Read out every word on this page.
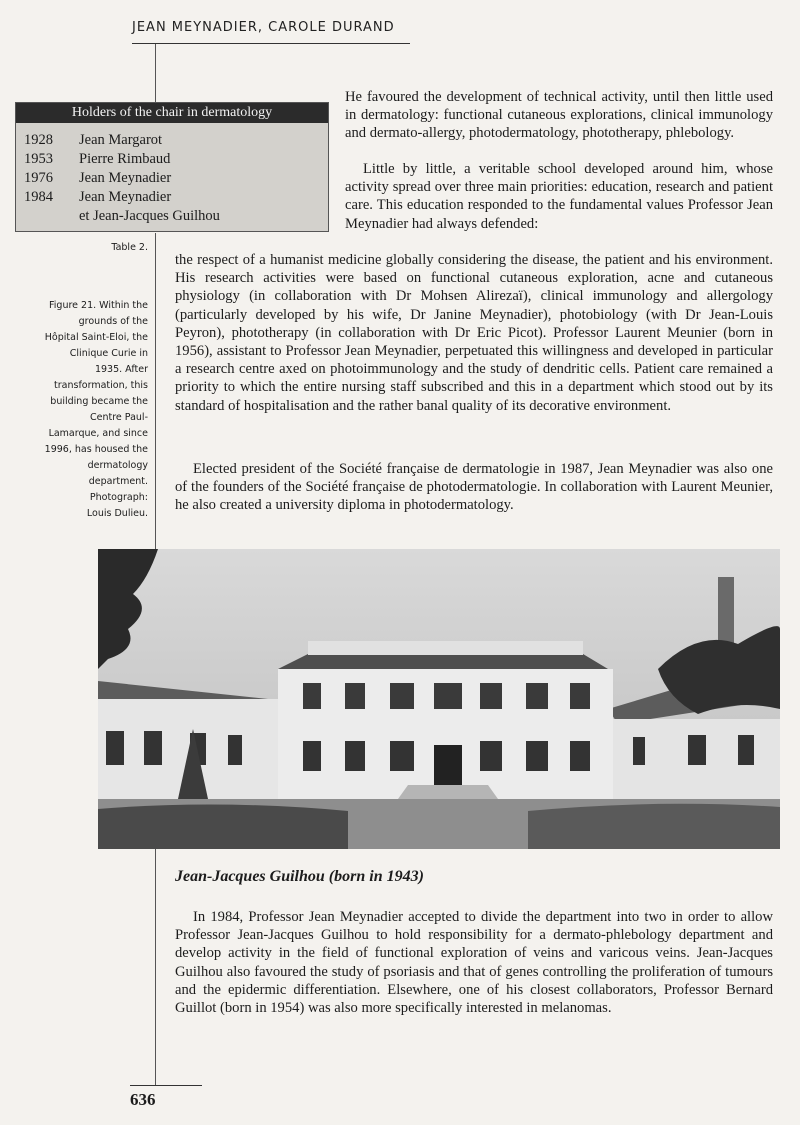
JEAN MEYNADIER, CAROLE DURAND
Holders of the chair in dermatology
1928	Jean Margarot
1953	Pierre Rimbaud
1976	Jean Meynadier
1984	Jean Meynadier
et Jean-Jacques Guilhou
Table 2.
Figure 21. Within the
grounds of the
Hôpital Saint-Eloi, the
Clinique Curie in
1935. After
transformation, this
building became the
Centre Paul-
Lamarque, and since
1996, has housed the
dermatology
department.
Photograph:
Louis Dulieu.

He favoured the development of technical activity, until then little used in dermatology: functional cutaneous explorations, clinical immunology and dermato-allergy, photodermatology, phototherapy, phlebology.

Little by little, a veritable school developed around him, whose activity spread over three main priorities: education, research and patient care. This education responded to the fundamental values Professor Jean Meynadier had always defended:

the respect of a humanist medicine globally considering the disease, the patient and his environment. His research activities were based on functional cutaneous exploration, acne and cutaneous physiology (in collaboration with Dr Mohsen Alirezaï), clinical immunology and allergology (particularly developed by his wife, Dr Janine Meynadier), photobiology (with Dr Jean-Louis Peyron), phototherapy (in collaboration with Dr Eric Picot). Professor Laurent Meunier (born in 1956), assistant to Professor Jean Meynadier, perpetuated this willingness and developed in particular a research centre axed on photoimmunology and the study of dendritic cells. Patient care remained a priority to which the entire nursing staff subscribed and this in a department which stood out by its standard of hospitalisation and the rather banal quality of its decorative environment.

Elected president of the Société française de dermatologie in 1987, Jean Meynadier was also one of the founders of the Société française de photodermatologie. In collaboration with Laurent Meunier, he also created a university diploma in photodermatology.

Jean-Jacques Guilhou (born in 1943)

In 1984, Professor Jean Meynadier accepted to divide the department into two in order to allow Professor Jean-Jacques Guilhou to hold responsibility for a dermato-phlebology department and develop activity in the field of functional exploration of veins and varicous veins. Jean-Jacques Guilhou also favoured the study of psoriasis and that of genes controlling the proliferation of tumours and the epidermic differentiation. Elsewhere, one of his closest collaborators, Professor Bernard Guillot (born in 1954) was also more specifically interested in melanomas.

636
